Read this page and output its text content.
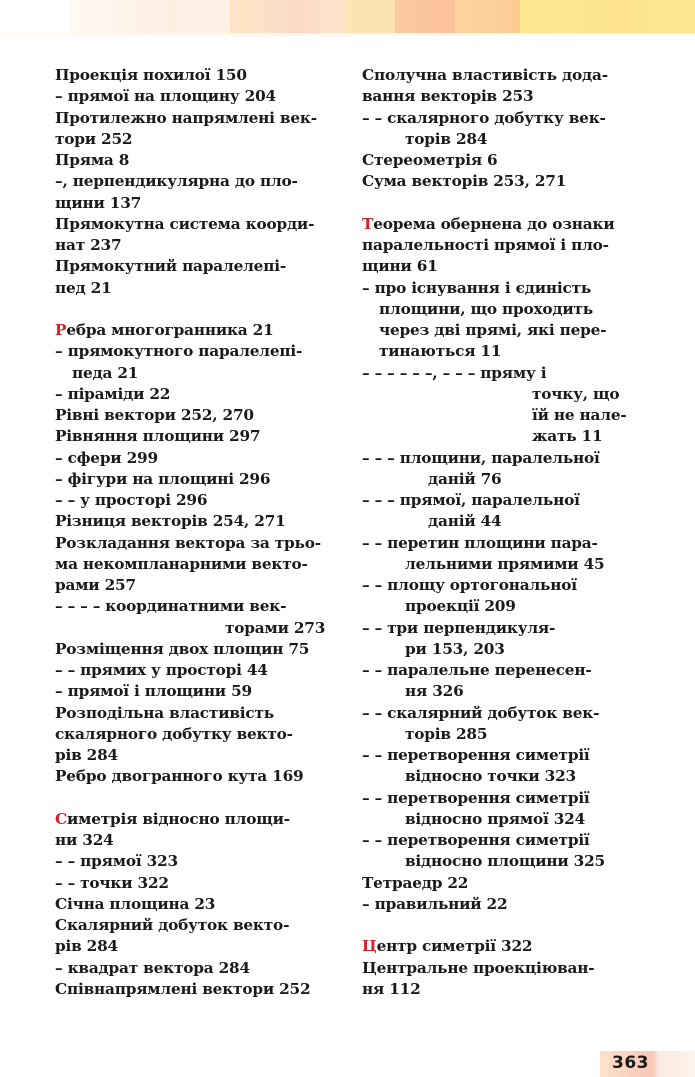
Проекція похилої 150
– прямої на площину 204
Протилежно напрямлені век-
тори 252
Пряма 8
–, перпендикулярна до пло-
щини 137
Прямокутна система коорди-
нат 237
Прямокутний паралелепі-
пед 21
Ребра многогранника 21
– прямокутного паралелепі-
педа 21
– піраміди 22
Рівні вектори 252, 270
Рівняння площини 297
– сфери 299
– фігури на площині 296
– – у просторі 296
Різниця векторів 254, 271
Розкладання вектора за трьо-
ма некомпланарними векто-
рами 257
– – – – координатними век-
торами 273
Розміщення двох площин 75
– – прямих у просторі 44
– прямої і площини 59
Розподільна властивість
скалярного добутку векто-
рів 284
Ребро двогранного кута 169
Симетрія відносно площи-
ни 324
– – прямої 323
– – точки 322
Січна площина 23
Скалярний добуток векто-
рів 284
– квадрат вектора 284
Співнапрямлені вектори 252
Сполучна властивість дода-
вання векторів 253
– – скалярного добутку век-
торів 284
Стереометрія 6
Сума векторів 253, 271
Теорема обернена до ознаки
паралельності прямої і пло-
щини 61
– про існування і єдиність
площини, що проходить
через дві прямі, які пере-
тинаються 11
– – – – – –, – – – пряму і
точку, що
їй не нале-
жать 11
– – – площини, паралельної
даній 76
– – – прямої, паралельної
даній 44
– – перетин площини пара-
лельними прямими 45
– – площу ортогональної
проекції 209
– – три перпендикуля-
ри 153, 203
– – паралельне перенесен-
ня 326
– – скалярний добуток век-
торів 285
– – перетворення симетрії
відносно точки 323
– – перетворення симетрії
відносно прямої 324
– – перетворення симетрії
відносно площини 325
Тетраедр 22
– правильний 22
Центр симетрії 322
Центральне проекціюван-
ня 112
363
